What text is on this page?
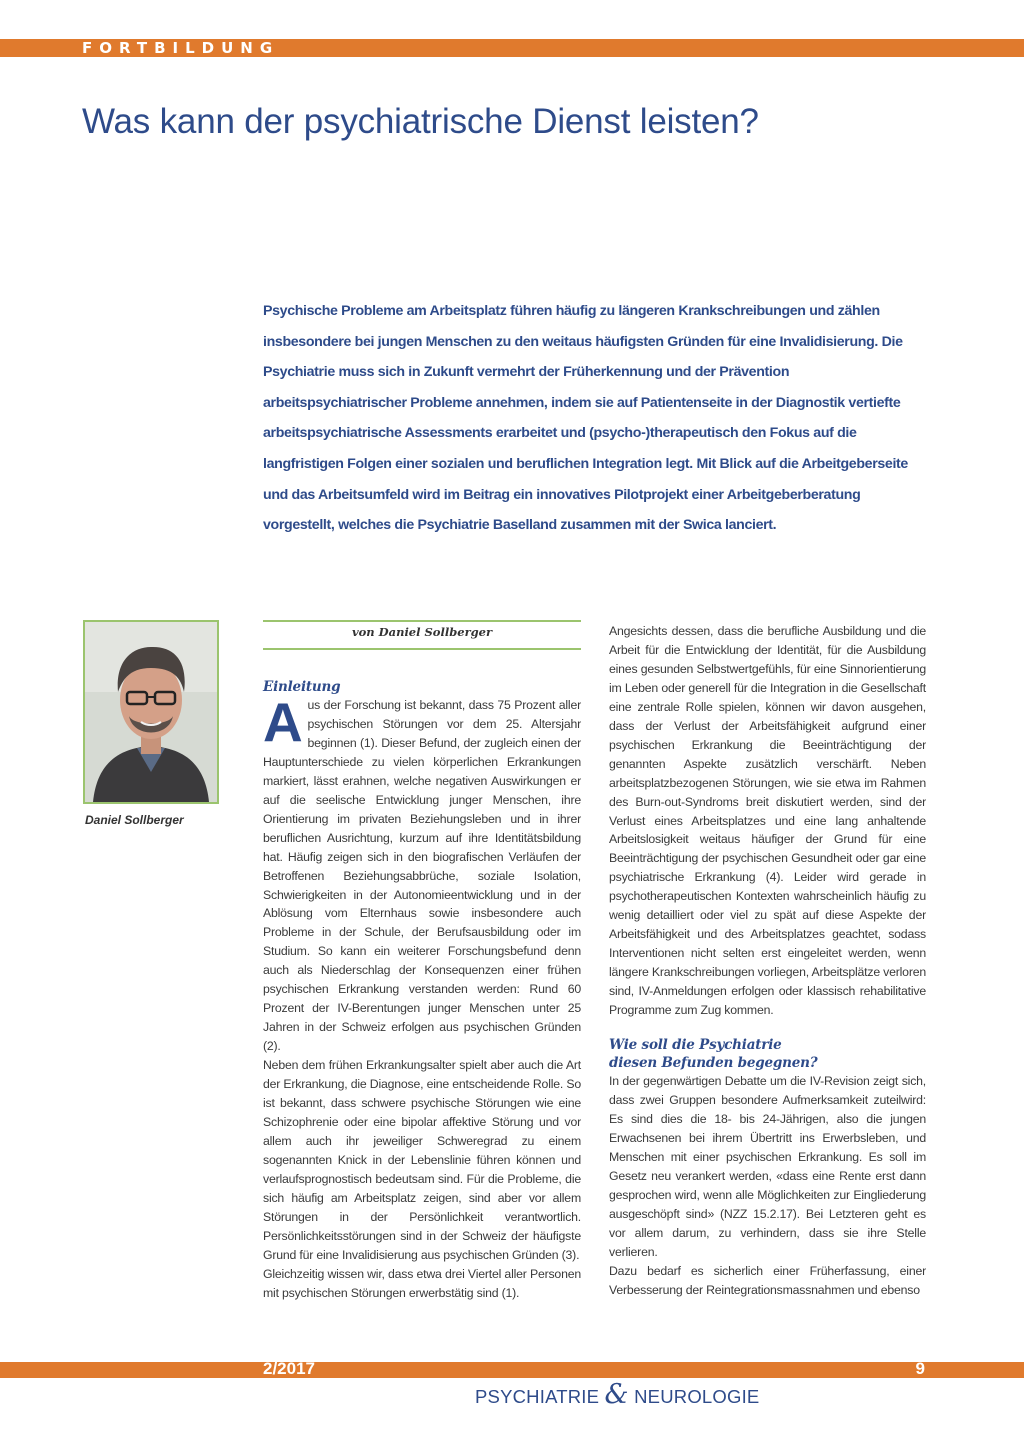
FORTBILDUNG
Was kann der psychiatrische Dienst leisten?

Psychische Probleme am Arbeitsplatz führen häufig zu längeren Krankschreibungen und zählen insbesondere bei jungen Menschen zu den weitaus häufigsten Gründen für eine Invalidisierung. Die Psychiatrie muss sich in Zukunft vermehrt der Früherkennung und der Prävention arbeitspsychiatrischer Probleme annehmen, indem sie auf Patientenseite in der Diagnostik vertiefte arbeitspsychiatrische Assessments erarbeitet und (psycho-)therapeutisch den Fokus auf die langfristigen Folgen einer sozialen und beruflichen Integration legt. Mit Blick auf die Arbeitgeberseite und das Arbeitsumfeld wird im Beitrag ein innovatives Pilotprojekt einer Arbeitgeberberatung vorgestellt, welches die Psychiatrie Baselland zusammen mit der Swica lanciert.

Daniel Sollberger
von Daniel Sollberger
Einleitung

Aus der Forschung ist bekannt, dass 75 Prozent aller psychischen Störungen vor dem 25. Altersjahr beginnen (1). Dieser Befund, der zugleich einen der Hauptunterschiede zu vielen körperlichen Erkrankungen markiert, lässt erahnen, welche negativen Auswirkungen er auf die seelische Entwicklung junger Menschen, ihre Orientierung im privaten Beziehungsleben und in ihrer beruflichen Ausrichtung, kurzum auf ihre Identitätsbildung hat. Häufig zeigen sich in den biografischen Verläufen der Betroffenen Beziehungsabbrüche, soziale Isolation, Schwierigkeiten in der Autonomieentwicklung und in der Ablösung vom Elternhaus sowie insbesondere auch Probleme in der Schule, der Berufsausbildung oder im Studium. So kann ein weiterer Forschungsbefund denn auch als Niederschlag der Konsequenzen einer frühen psychischen Erkrankung verstanden werden: Rund 60 Prozent der IV-Berentungen junger Menschen unter 25 Jahren in der Schweiz erfolgen aus psychischen Gründen (2).

Neben dem frühen Erkrankungsalter spielt aber auch die Art der Erkrankung, die Diagnose, eine entscheidende Rolle. So ist bekannt, dass schwere psychische Störungen wie eine Schizophrenie oder eine bipolar affektive Störung und vor allem auch ihr jeweiliger Schweregrad zu einem sogenannten Knick in der Lebenslinie führen können und verlaufsprognostisch bedeutsam sind. Für die Probleme, die sich häufig am Arbeitsplatz zeigen, sind aber vor allem Störungen in der Persönlichkeit verantwortlich. Persönlichkeitsstörungen sind in der Schweiz der häufigste Grund für eine Invalidisierung aus psychischen Gründen (3).

Gleichzeitig wissen wir, dass etwa drei Viertel aller Personen mit psychischen Störungen erwerbstätig sind (1).

Angesichts dessen, dass die berufliche Ausbildung und die Arbeit für die Entwicklung der Identität, für die Ausbildung eines gesunden Selbstwertgefühls, für eine Sinnorientierung im Leben oder generell für die Integration in die Gesellschaft eine zentrale Rolle spielen, können wir davon ausgehen, dass der Verlust der Arbeitsfähigkeit aufgrund einer psychischen Erkrankung die Beeinträchtigung der genannten Aspekte zusätzlich verschärft. Neben arbeitsplatzbezogenen Störungen, wie sie etwa im Rahmen des Burn-out-Syndroms breit diskutiert werden, sind der Verlust eines Arbeitsplatzes und eine lang anhaltende Arbeitslosigkeit weitaus häufiger der Grund für eine Beeinträchtigung der psychischen Gesundheit oder gar eine psychiatrische Erkrankung (4). Leider wird gerade in psychotherapeutischen Kontexten wahrscheinlich häufig zu wenig detailliert oder viel zu spät auf diese Aspekte der Arbeitsfähigkeit und des Arbeitsplatzes geachtet, sodass Interventionen nicht selten erst eingeleitet werden, wenn längere Krankschreibungen vorliegen, Arbeitsplätze verloren sind, IV-Anmeldungen erfolgen oder klassisch rehabilitative Programme zum Zug kommen.

Wie soll die Psychiatrie
diesen Befunden begegnen?

In der gegenwärtigen Debatte um die IV-Revision zeigt sich, dass zwei Gruppen besondere Aufmerksamkeit zuteilwird: Es sind dies die 18- bis 24-Jährigen, also die jungen Erwachsenen bei ihrem Übertritt ins Erwerbsleben, und Menschen mit einer psychischen Erkrankung. Es soll im Gesetz neu verankert werden, «dass eine Rente erst dann gesprochen wird, wenn alle Möglichkeiten zur Eingliederung ausgeschöpft sind» (NZZ 15.2.17). Bei Letzteren geht es vor allem darum, zu verhindern, dass sie ihre Stelle verlieren.

Dazu bedarf es sicherlich einer Früherfassung, einer Verbesserung der Reintegrationsmassnahmen und ebenso

2/2017	9
PSYCHIATRIE & NEUROLOGIE
